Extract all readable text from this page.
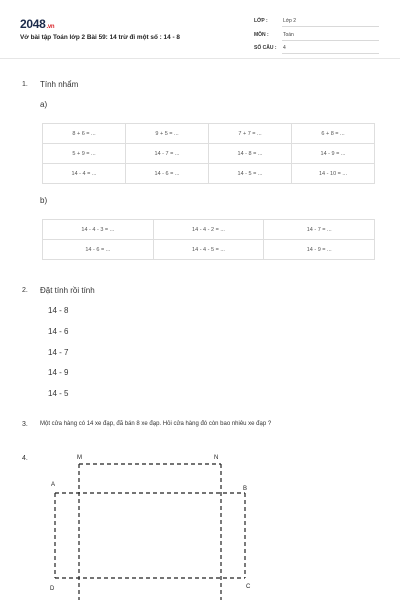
2048.vn
Vở bài tập Toán lớp 2 Bài 59: 14 trừ đi một số : 14 - 8
LỚP :	Lớp 2
MÔN :	Toán
SỐ CÂU : 4
1. Tính nhẩm
a)
8 + 6 = ...	9 + 5 = ...	7 + 7 = ...	6 + 8 = ...
5 + 9 = ...	14 - 7 = ...	14 - 8 = ...	14 - 9 = ...
14 - 4 = ...	14 - 6 = ...	14 - 5 = ...	14 - 10 = ...
b)
14 - 4 - 3 = ...	14 - 4 - 2 = ...	14 - 7 = ...
14 - 6 = ...	14 - 4 - 5 = ...	14 - 9 = ...
2. Đặt tính rồi tính
14 - 8
14 - 6
14 - 7
14 - 9
14 - 5
3. Một cửa hàng có 14 xe đạp, đã bán 8 xe đạp. Hỏi cửa hàng đó còn bao nhiêu xe đạp ?
4.	M	N
A
B
C
D
